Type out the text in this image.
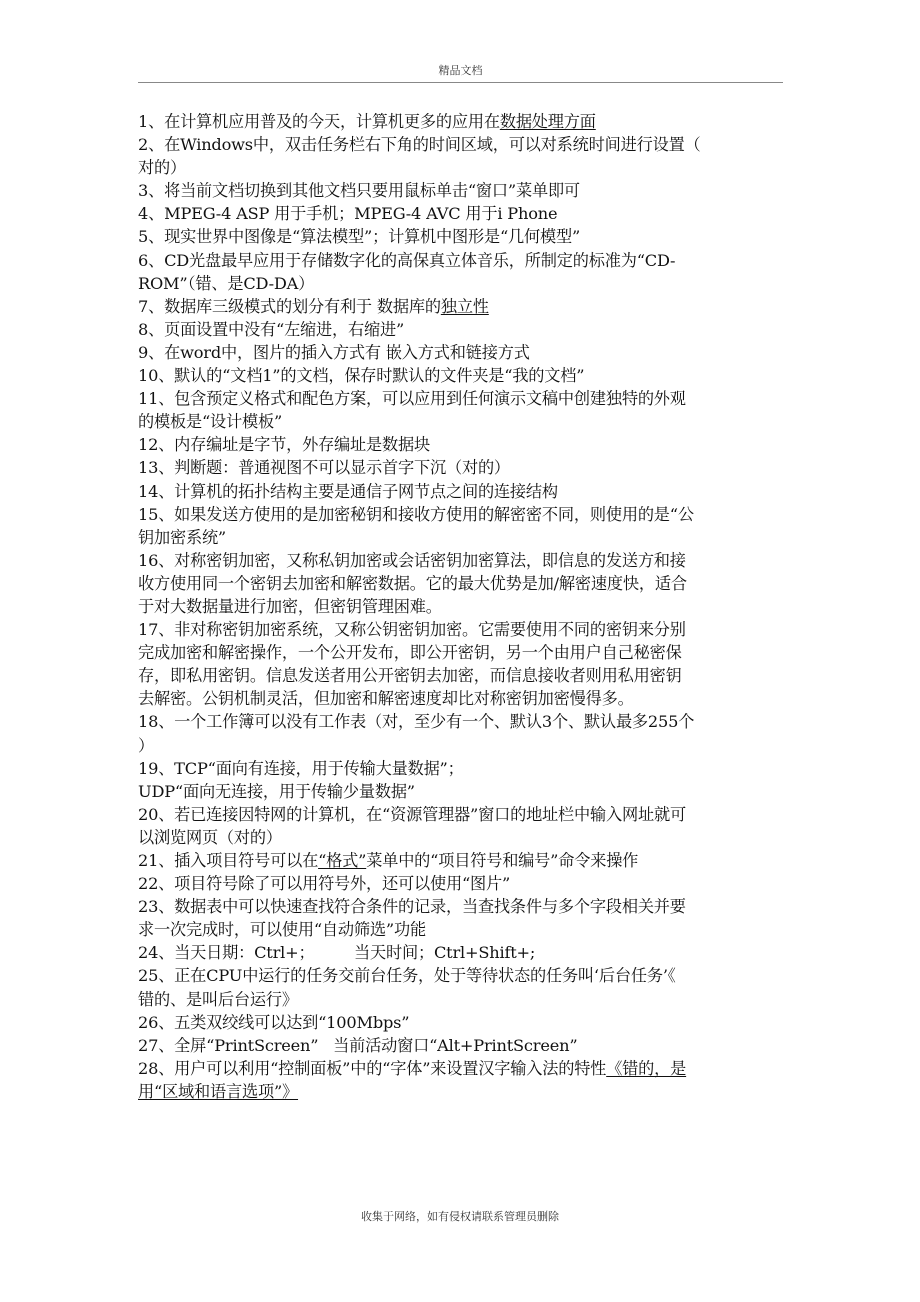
精品文档
1、在计算机应用普及的今天，计算机更多的应用在数据处理方面
2、在Windows中，双击任务栏右下角的时间区域，可以对系统时间进行设置（
对的）
3、将当前文档切换到其他文档只要用鼠标单击“窗口”菜单即可
4、MPEG-4 ASP 用于手机；MPEG-4 AVC 用于i Phone
5、现实世界中图像是“算法模型”；计算机中图形是“几何模型”
6、CD光盘最早应用于存储数字化的高保真立体音乐，所制定的标准为“CD-
ROM”（错、是CD-DA）
7、数据库三级模式的划分有利于 数据库的独立性
8、页面设置中没有“左缩进，右缩进”
9、在word中，图片的插入方式有 嵌入方式和链接方式
10、默认的“文档1”的文档，保存时默认的文件夹是“我的文档”
11、包含预定义格式和配色方案，可以应用到任何演示文稿中创建独特的外观
的模板是“设计模板”
12、内存编址是字节，外存编址是数据块
13、判断题：普通视图不可以显示首字下沉（对的）
14、计算机的拓扑结构主要是通信子网节点之间的连接结构
15、如果发送方使用的是加密秘钥和接收方使用的解密密不同，则使用的是“公
钥加密系统”
16、对称密钥加密，又称私钥加密或会话密钥加密算法，即信息的发送方和接
收方使用同一个密钥去加密和解密数据。它的最大优势是加/解密速度快，适合
于对大数据量进行加密，但密钥管理困难。
17、非对称密钥加密系统，又称公钥密钥加密。它需要使用不同的密钥来分别
完成加密和解密操作，一个公开发布，即公开密钥，另一个由用户自己秘密保
存，即私用密钥。信息发送者用公开密钥去加密，而信息接收者则用私用密钥
去解密。公钥机制灵活，但加密和解密速度却比对称密钥加密慢得多。
18、一个工作簿可以没有工作表（对，至少有一个、默认3个、默认最多255个
）
19、TCP“面向有连接，用于传输大量数据”；
UDP“面向无连接，用于传输少量数据”
20、若已连接因特网的计算机，在“资源管理器”窗口的地址栏中输入网址就可
以浏览网页（对的）
21、插入项目符号可以在“格式”菜单中的“项目符号和编号”命令来操作
22、项目符号除了可以用符号外，还可以使用“图片”
23、数据表中可以快速查找符合条件的记录，当查找条件与多个字段相关并要
求一次完成时，可以使用“自动筛选”功能
24、当天日期：Ctrl+；        当天时间；Ctrl+Shift+;
25、正在CPU中运行的任务交前台任务，处于等待状态的任务叫‘后台任务’《
错的、是叫后台运行》
26、五类双绞线可以达到“100Mbps”
27、全屏“PrintScreen”   当前活动窗口“Alt+PrintScreen”
28、用户可以利用“控制面板”中的“字体”来设置汉字输入法的特性《错的，是
用“区域和语言选项”》
收集于网络，如有侵权请联系管理员删除
